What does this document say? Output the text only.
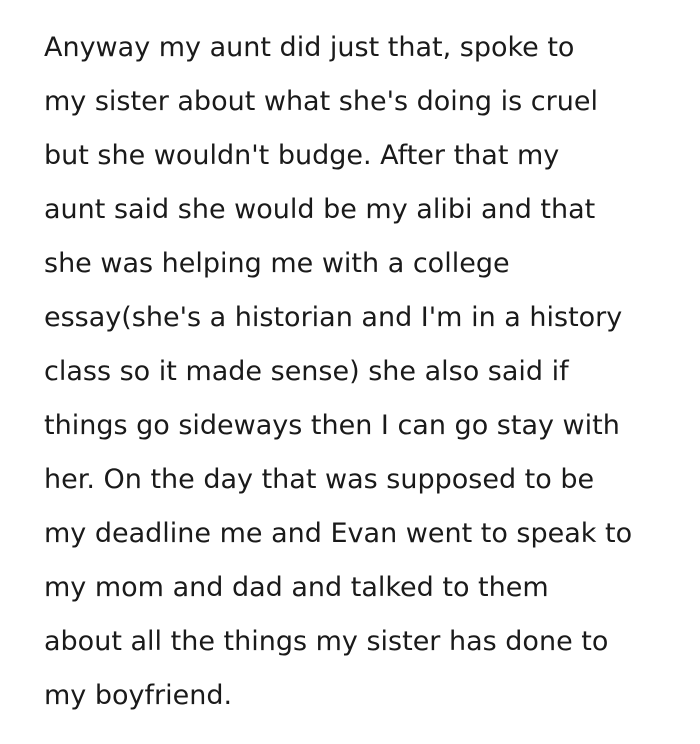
Anyway my aunt did just that, spoke to
my sister about what she's doing is cruel
but she wouldn't budge. After that my
aunt said she would be my alibi and that
she was helping me with a college
essay(she's a historian and I'm in a history
class so it made sense) she also said if
things go sideways then I can go stay with
her. On the day that was supposed to be
my deadline me and Evan went to speak to
my mom and dad and talked to them
about all the things my sister has done to
my boyfriend.
